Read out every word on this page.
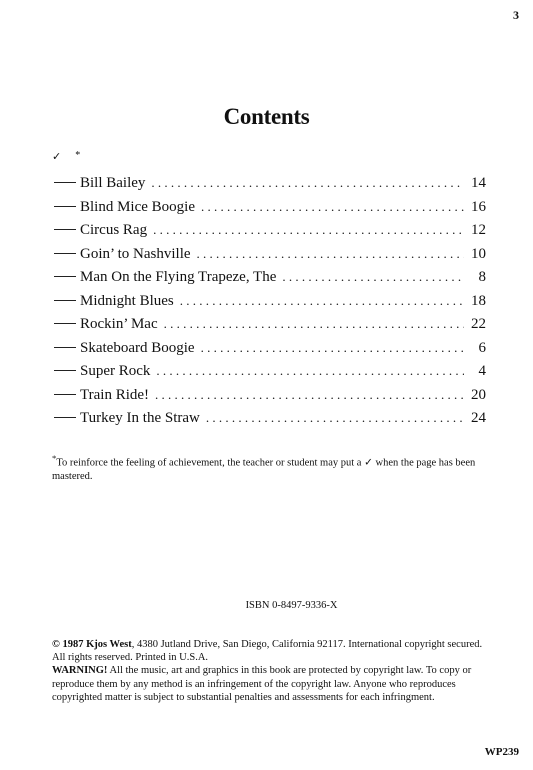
3
Contents
✓ *
Bill Bailey . . .	14
Blind Mice Boogie . . .	16
Circus Rag . . .	12
Goin’ to Nashville . . .	10
Man On the Flying Trapeze, The . . .	8
Midnight Blues . . .	18
Rockin’ Mac . . .	22
Skateboard Boogie . . .	6
Super Rock . . .	4
Train Ride! . . .	20
Turkey In the Straw . . .	24
*To reinforce the feeling of achievement, the teacher or student may put a ✓ when the page has been mastered.
ISBN 0-8497-9336-X
© 1987 Kjos West, 4380 Jutland Drive, San Diego, California 92117. International copyright secured. All rights reserved. Printed in U.S.A.
WARNING! All the music, art and graphics in this book are protected by copyright law. To copy or reproduce them by any method is an infringement of the copyright law. Anyone who reproduces copyrighted matter is subject to substantial penalties and assessments for each infringment.
WP239
